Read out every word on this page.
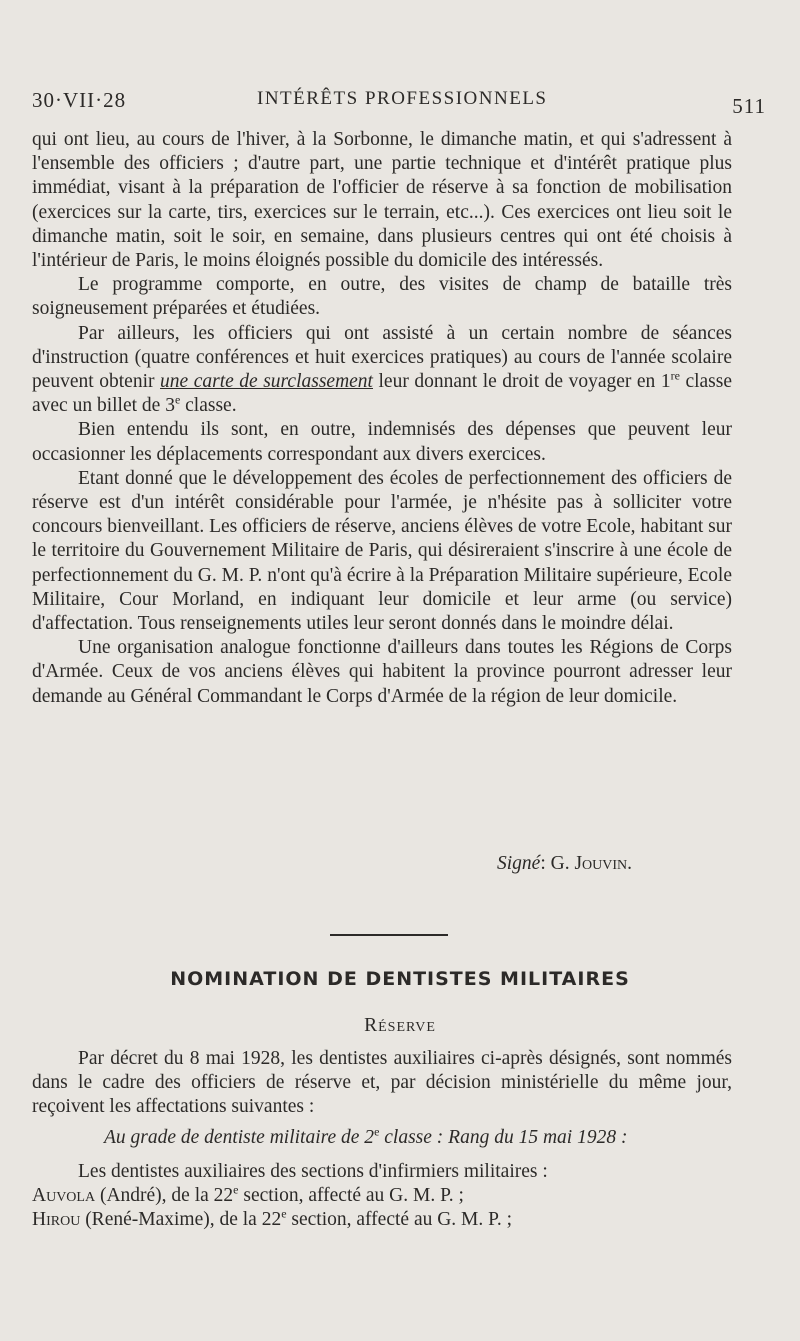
30·VII·28	INTÉRÊTS PROFESSIONNELS	511

qui ont lieu, au cours de l'hiver, à la Sorbonne, le dimanche matin, et qui s'adressent à l'ensemble des officiers ; d'autre part, une partie technique et d'intérêt pratique plus immédiat, visant à la préparation de l'officier de réserve à sa fonction de mobilisation (exercices sur la carte, tirs, exercices sur le terrain, etc...). Ces exercices ont lieu soit le dimanche matin, soit le soir, en semaine, dans plusieurs centres qui ont été choisis à l'intérieur de Paris, le moins éloignés possible du domicile des intéressés.

Le programme comporte, en outre, des visites de champ de bataille très soigneusement préparées et étudiées.

Par ailleurs, les officiers qui ont assisté à un certain nombre de séances d'instruction (quatre conférences et huit exercices pratiques) au cours de l'année scolaire peuvent obtenir une carte de surclassement leur donnant le droit de voyager en 1re classe avec un billet de 3e classe.

Bien entendu ils sont, en outre, indemnisés des dépenses que peuvent leur occasionner les déplacements correspondant aux divers exercices.

Etant donné que le développement des écoles de perfectionnement des officiers de réserve est d'un intérêt considérable pour l'armée, je n'hésite pas à solliciter votre concours bienveillant. Les officiers de réserve, anciens élèves de votre Ecole, habitant sur le territoire du Gouvernement Militaire de Paris, qui désireraient s'inscrire à une école de perfectionnement du G. M. P. n'ont qu'à écrire à la Préparation Militaire supérieure, Ecole Militaire, Cour Morland, en indiquant leur domicile et leur arme (ou service) d'affectation. Tous renseignements utiles leur seront donnés dans le moindre délai.

Une organisation analogue fonctionne d'ailleurs dans toutes les Régions de Corps d'Armée. Ceux de vos anciens élèves qui habitent la province pourront adresser leur demande au Général Commandant le Corps d'Armée de la région de leur domicile.

Signé: G. Jouvin.
NOMINATION DE DENTISTES MILITAIRES
Réserve

Par décret du 8 mai 1928, les dentistes auxiliaires ci-après désignés, sont nommés dans le cadre des officiers de réserve et, par décision ministérielle du même jour, reçoivent les affectations suivantes :

Au grade de dentiste militaire de 2e classe : Rang du 15 mai 1928 :

Les dentistes auxiliaires des sections d'infirmiers militaires :

Auvola (André), de la 22e section, affecté au G. M. P. ;

Hirou (René-Maxime), de la 22e section, affecté au G. M. P. ;
